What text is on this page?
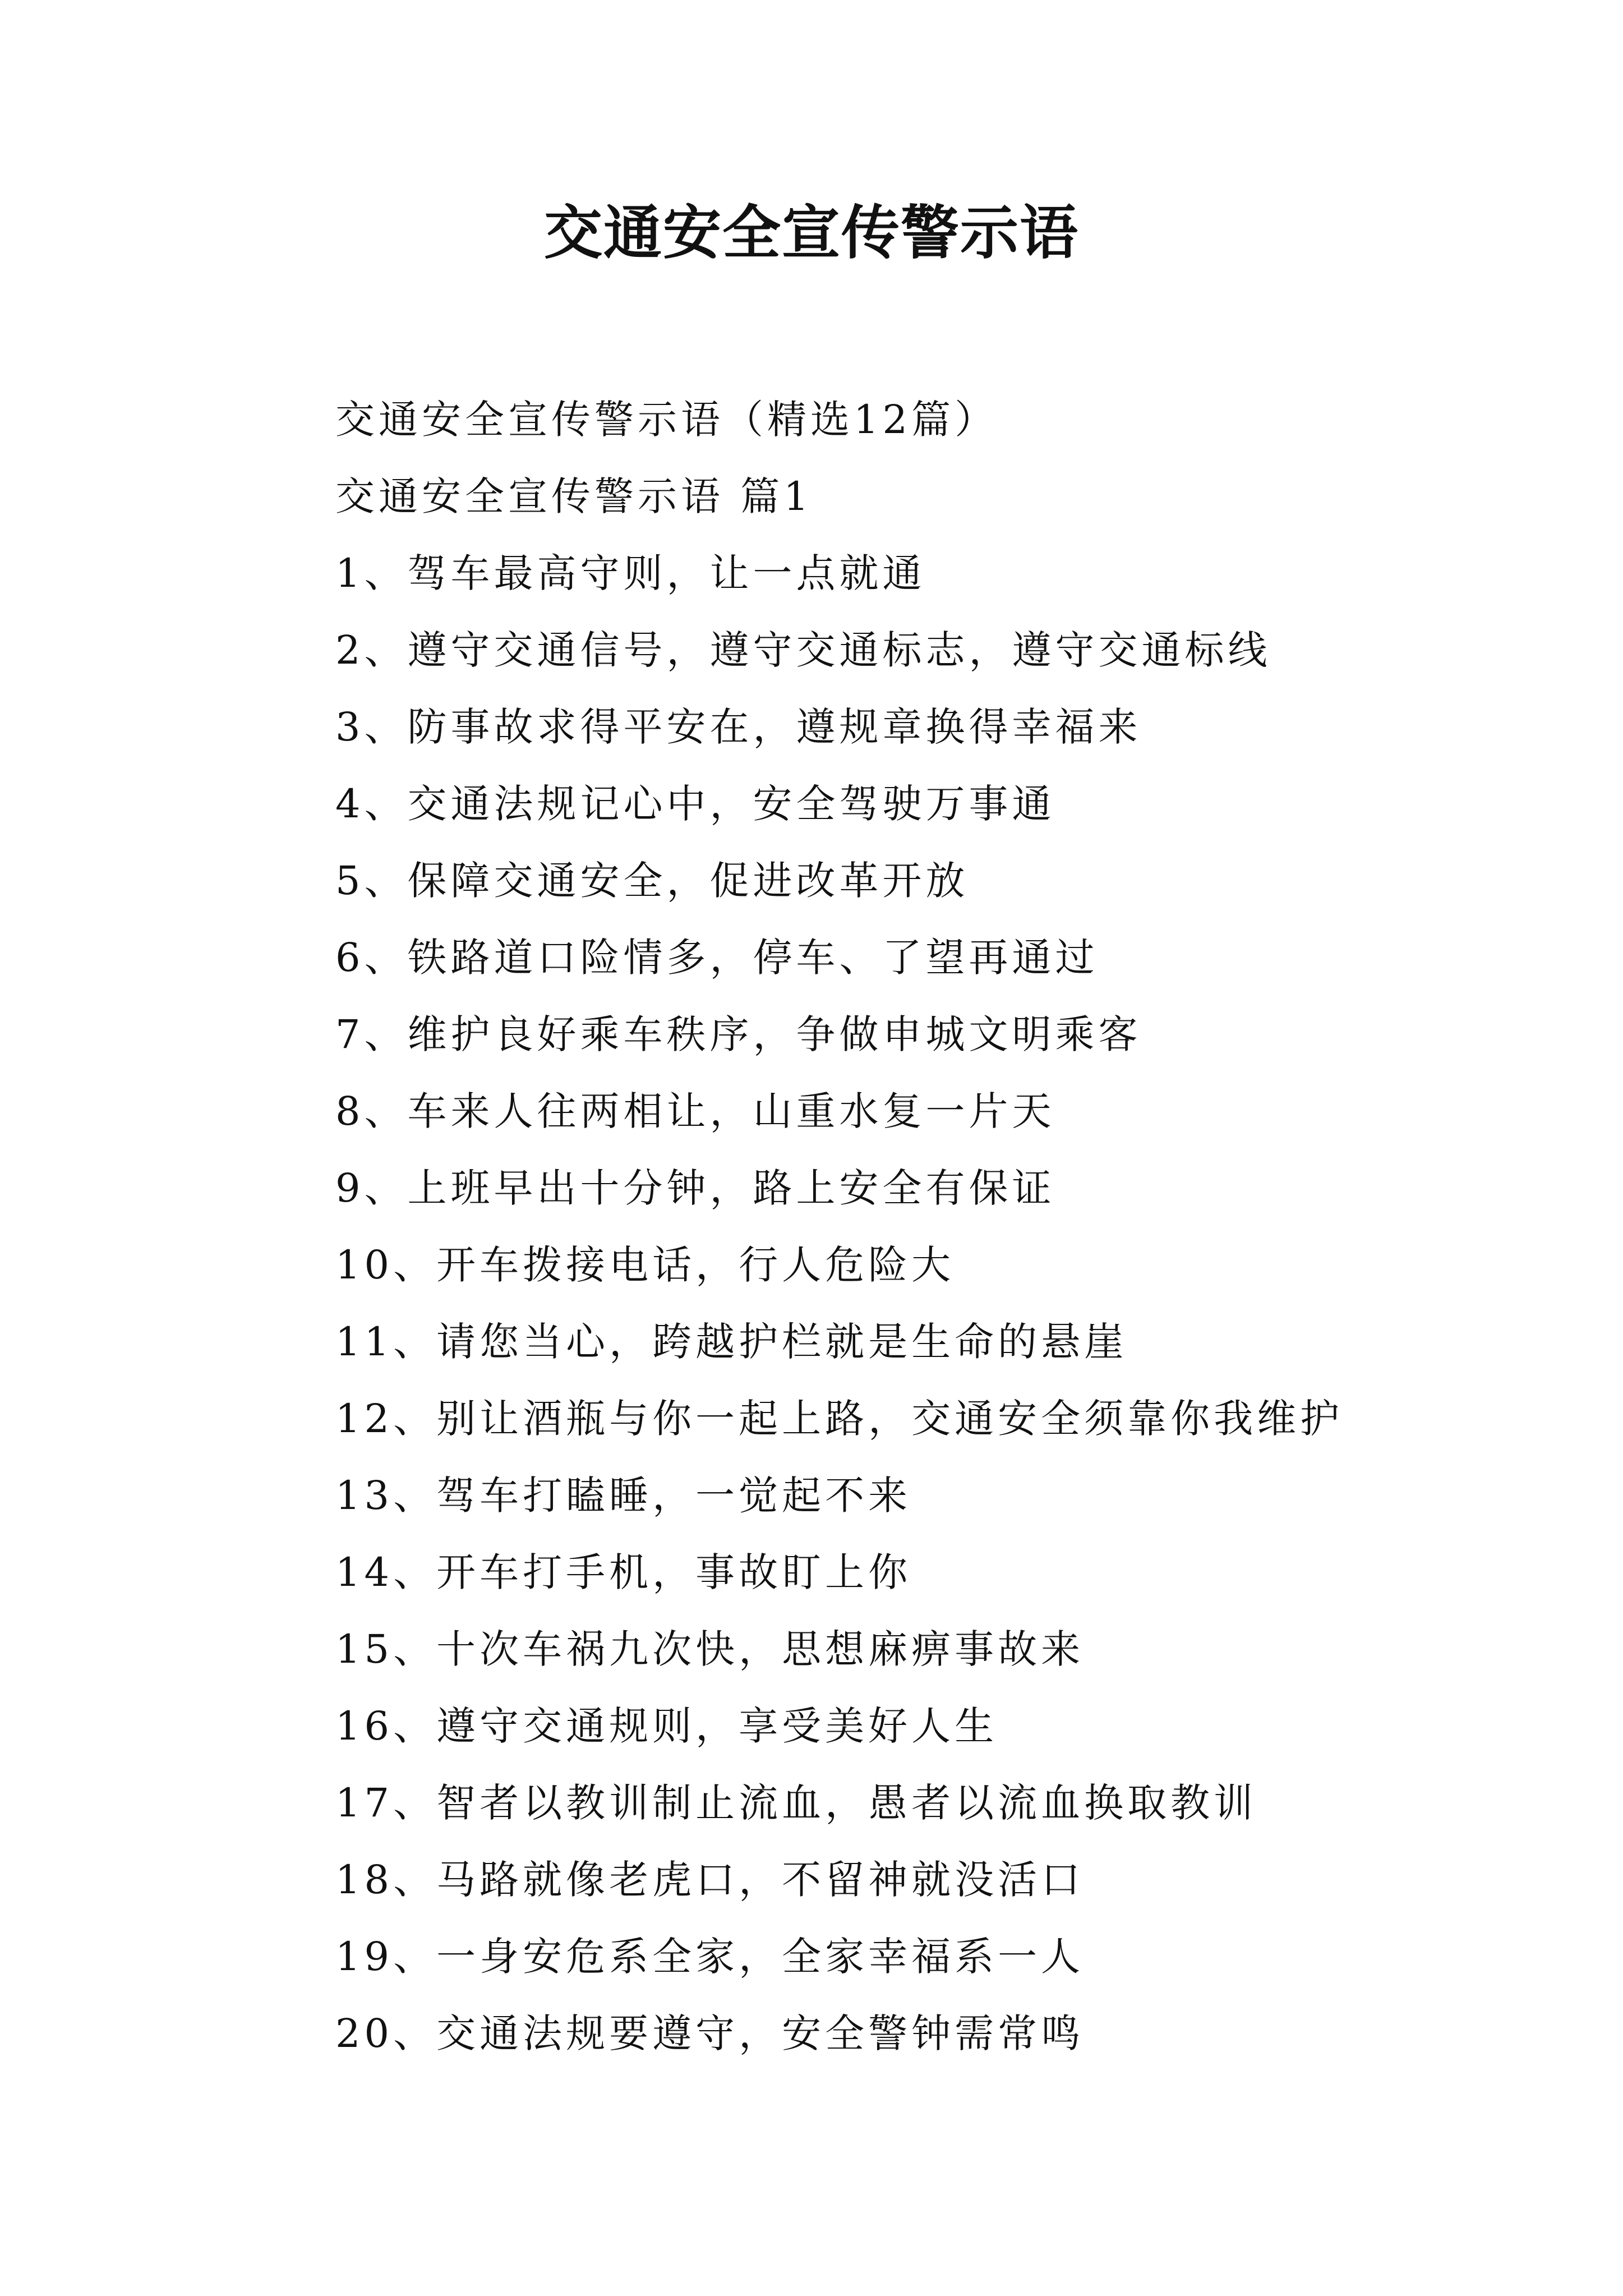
交通安全宣传警示语
交通安全宣传警示语（精选12篇）
交通安全宣传警示语 篇1
1、驾车最高守则，让一点就通
2、遵守交通信号，遵守交通标志，遵守交通标线
3、防事故求得平安在，遵规章换得幸福来
4、交通法规记心中，安全驾驶万事通
5、保障交通安全，促进改革开放
6、铁路道口险情多，停车、了望再通过
7、维护良好乘车秩序，争做申城文明乘客
8、车来人往两相让，山重水复一片天
9、上班早出十分钟，路上安全有保证
10、开车拨接电话，行人危险大
11、请您当心，跨越护栏就是生命的悬崖
12、别让酒瓶与你一起上路，交通安全须靠你我维护
13、驾车打瞌睡，一觉起不来
14、开车打手机，事故盯上你
15、十次车祸九次快，思想麻痹事故来
16、遵守交通规则，享受美好人生
17、智者以教训制止流血，愚者以流血换取教训
18、马路就像老虎口，不留神就没活口
19、一身安危系全家，全家幸福系一人
20、交通法规要遵守，安全警钟需常鸣
